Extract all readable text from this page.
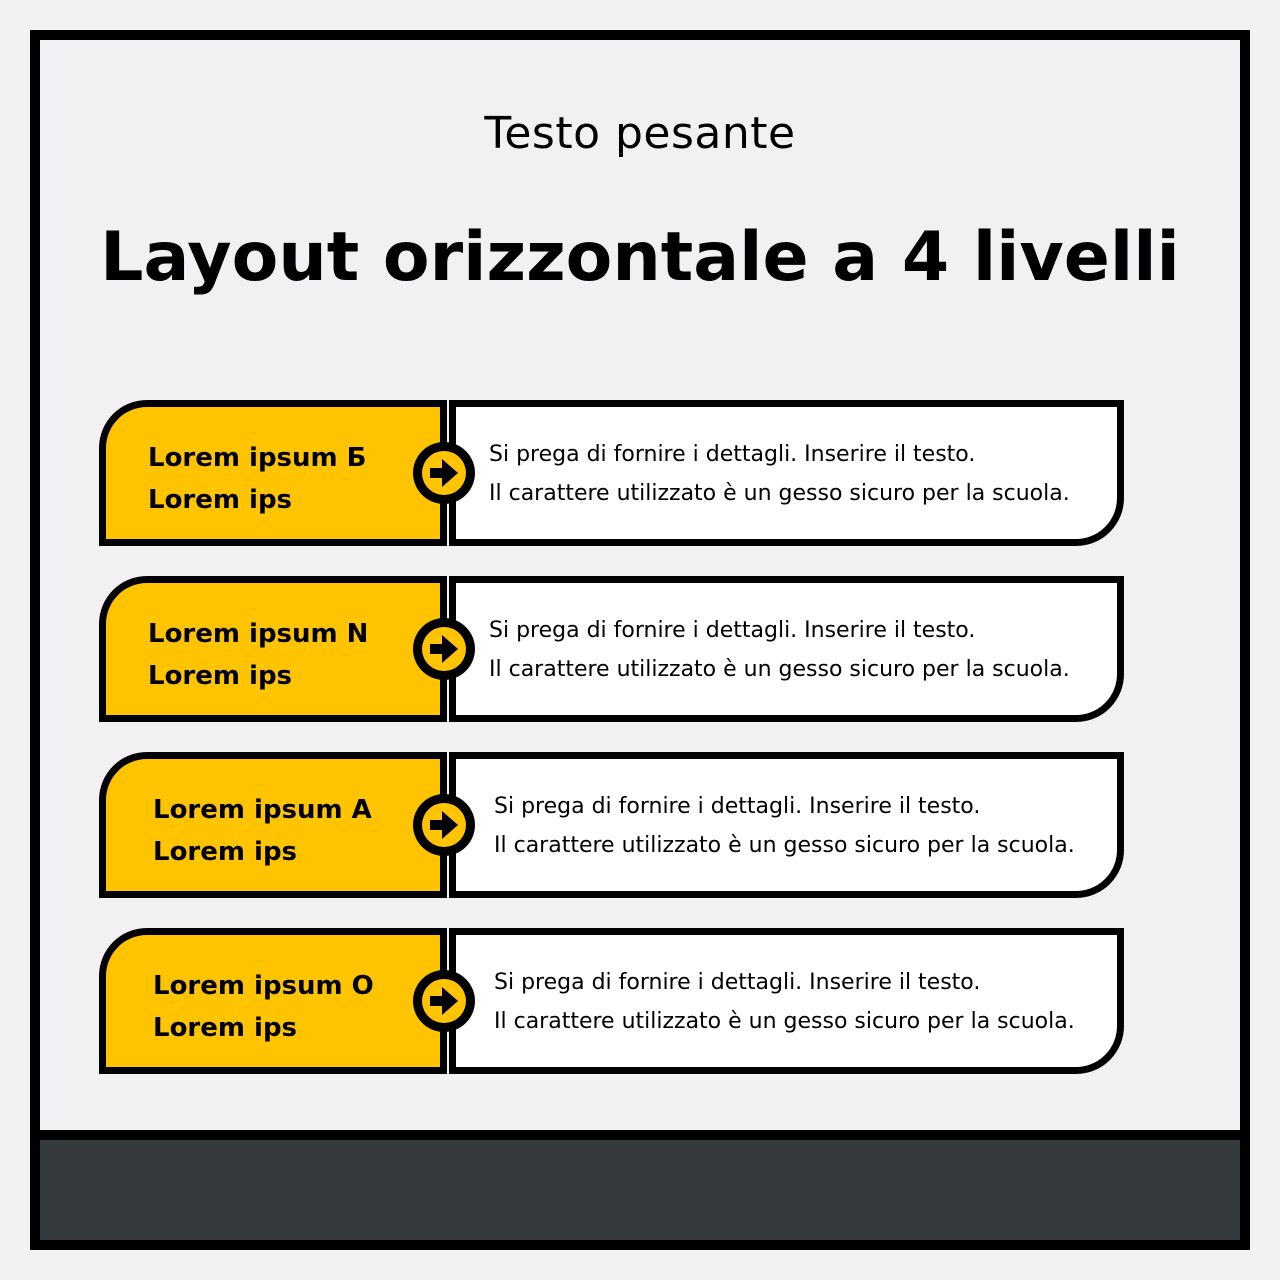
Testo pesante
Layout orizzontale a 4 livelli
Lorem ipsum Б
Lorem ips
Si prega di fornire i dettagli. Inserire il testo.
Il carattere utilizzato è un gesso sicuro per la scuola.
Lorem ipsum N
Lorem ips
Si prega di fornire i dettagli. Inserire il testo.
Il carattere utilizzato è un gesso sicuro per la scuola.
Lorem ipsum A
Lorem ips
Si prega di fornire i dettagli. Inserire il testo.
Il carattere utilizzato è un gesso sicuro per la scuola.
Lorem ipsum O
Lorem ips
Si prega di fornire i dettagli. Inserire il testo.
Il carattere utilizzato è un gesso sicuro per la scuola.
